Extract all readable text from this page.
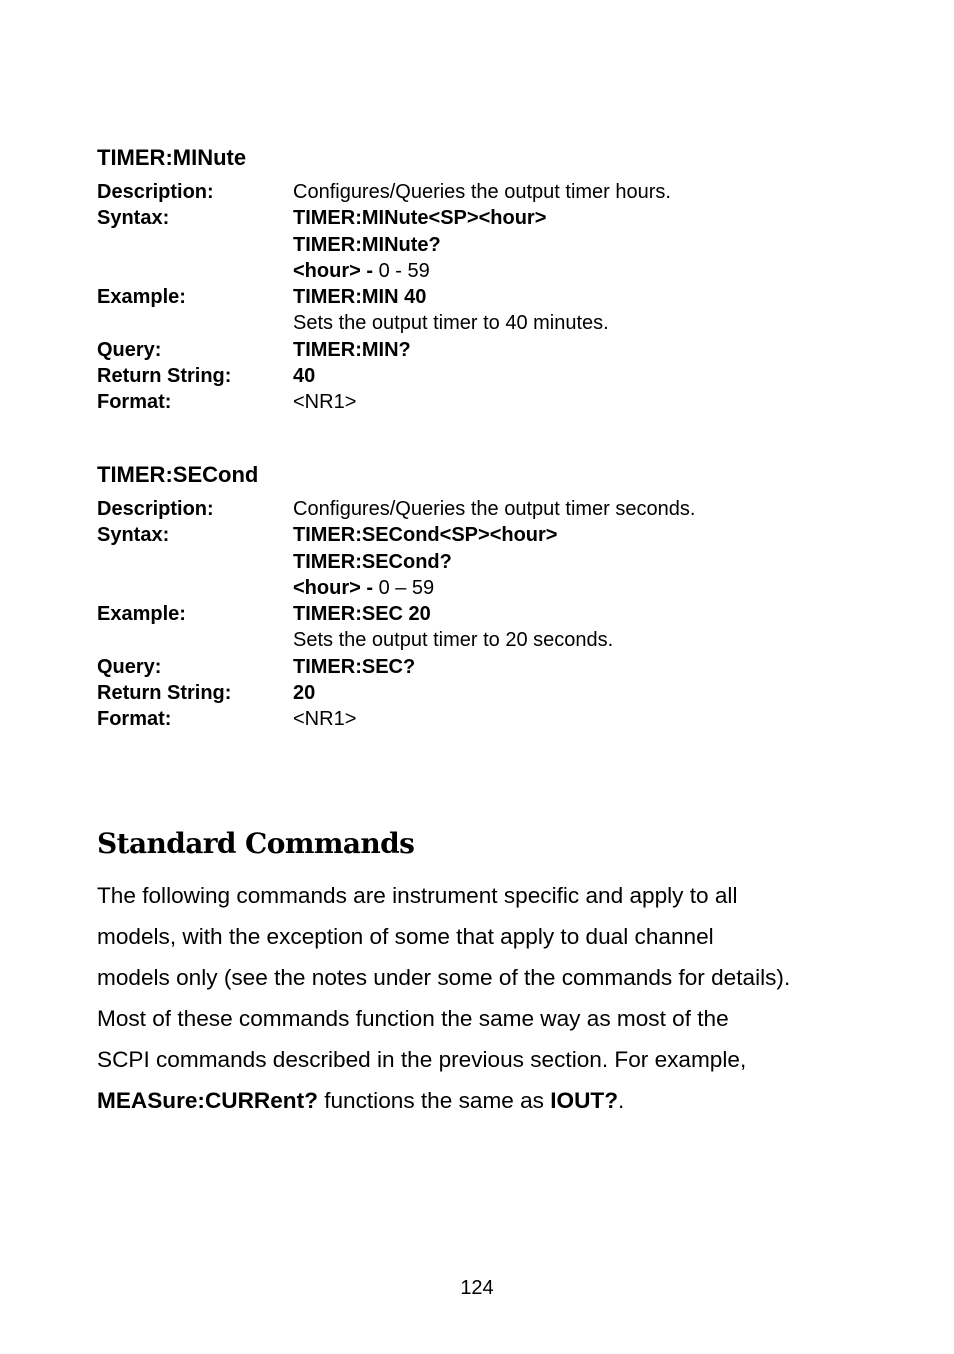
TIMER:MINute
Description:	Configures/Queries the output timer hours.
Syntax:	TIMER:MINute<SP><hour>
TIMER:MINute?
<hour> - 0 - 59
Example:	TIMER:MIN 40
Sets the output timer to 40 minutes.
Query:	TIMER:MIN?
Return String:	40
Format:	<NR1>
TIMER:SECond
Description:	Configures/Queries the output timer seconds.
Syntax:	TIMER:SECond<SP><hour>
TIMER:SECond?
<hour> - 0 – 59
Example:	TIMER:SEC 20
Sets the output timer to 20 seconds.
Query:	TIMER:SEC?
Return String:	20
Format:	<NR1>
Standard Commands
The following commands are instrument specific and apply to all
models, with the exception of some that apply to dual channel
models only (see the notes under some of the commands for details).
Most of these commands function the same way as most of the
SCPI commands described in the previous section. For example,
MEASure:CURRent? functions the same as IOUT?.
124
